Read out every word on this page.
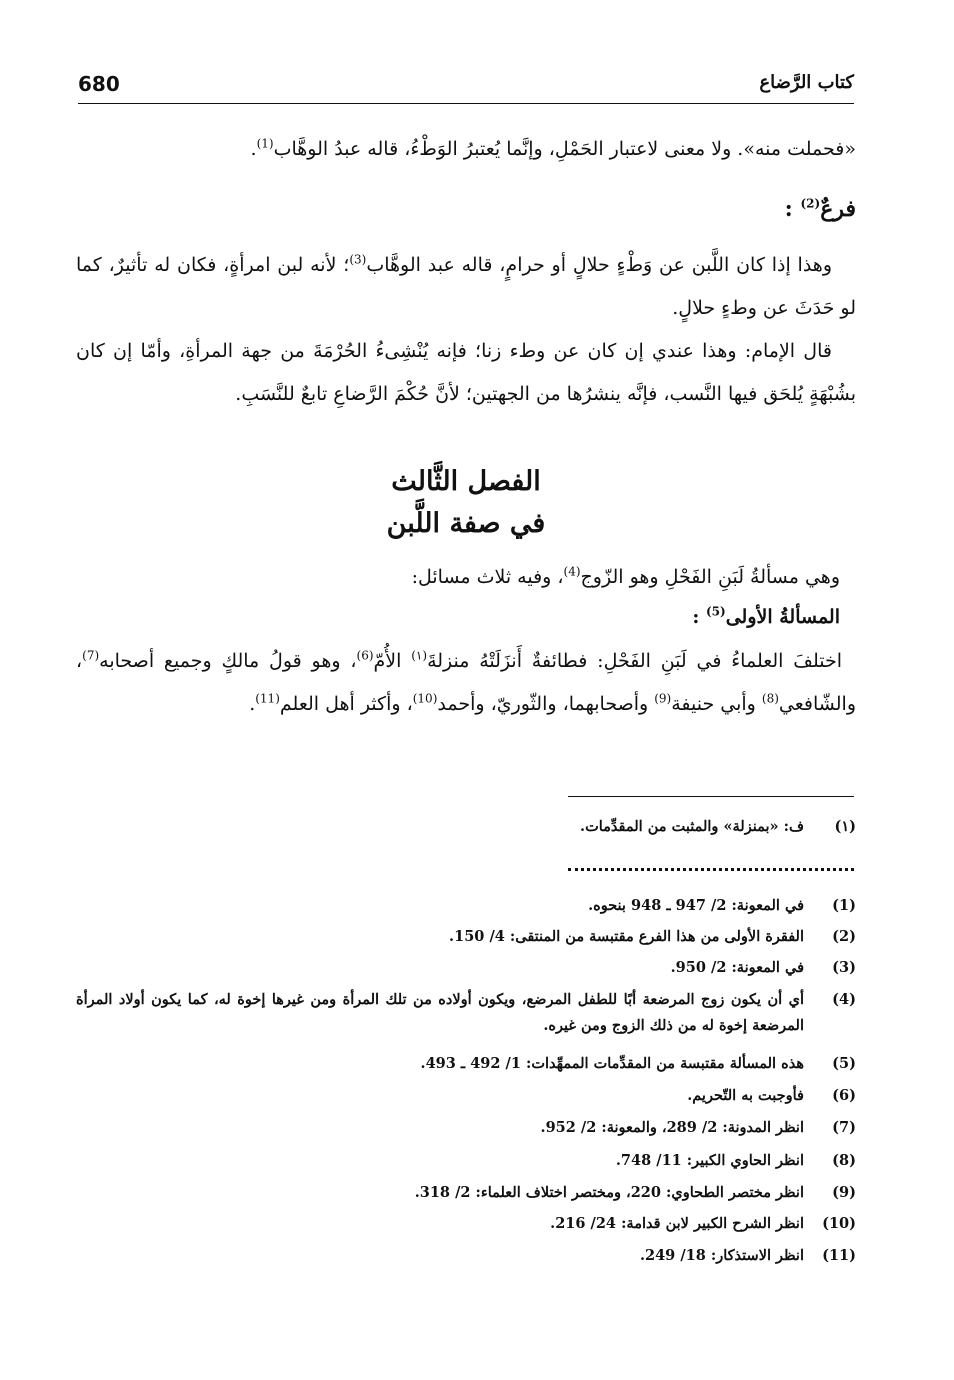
680	كتاب الرَّضاع
«فحملت منه». ولا معنى لاعتبار الحَمْلِ، وإنَّما يُعتبرُ الوَطْءُ، قاله عبدُ الوهَّاب$^{(1)}$.
فرعٌ$^{(2)}$ :
وهذا إذا كان اللَّبن عن وَطْءٍ حلالٍ أو حرامٍ، قاله عبد الوهَّاب$^{(3)}$؛ لأنه لبن امرأةٍ، فكان له تأثيرٌ، كما لو حَدَثَ عن وطءٍ حلالٍ.
قال الإمام: وهذا عندي إن كان عن وطء زنا؛ فإنه يُنْشِىءُ الحُرْمَةَ من جهة المرأةِ، وأمّا إن كان بشُبْهَةٍ يُلحَق فيها النَّسب، فإنَّه ينشرُها من الجهتين؛ لأنَّ حُكْمَ الرَّضاعِ تابعٌ للنَّسَبِ.
الفصل الثَّالث
في صفة اللَّبن
وهي مسألةُ لَبَنِ الفَحْلِ وهو الزّوج$^{(4)}$، وفيه ثلاث مسائل:
المسألةُ الأولى$^{(5)}$ :
اختلفَ العلماءُ في لَبَنِ الفَحْلِ: فطائفةٌ أَنزَلَتْهُ منزلةَ$^{(١)}$ الأُمّ$^{(6)}$، وهو قولُ مالكٍ وجميع أصحابه$^{(7)}$، والشّافعي$^{(8)}$ وأبي حنيفة$^{(9)}$ وأصحابهما، والثّوريّ، وأحمد$^{(10)}$، وأكثر أهل العلم$^{(11)}$.
(١)
ف: «بمنزلة» والمثبت من المقدِّمات.
(1)
في المعونة: 2/ 947 ـ 948 بنحوه.
(2)
الفقرة الأولى من هذا الفرع مقتبسة من المنتقى: 4/ 150.
(3)
في المعونة: 2/ 950.
(4)
أي أن يكون زوج المرضعة أبًا للطفل المرضع، ويكون أولاده من تلك المرأة ومن غيرها إخوة له، كما يكون أولاد المرأة المرضعة إخوة له من ذلك الزوج ومن غيره.
(5)
هذه المسألة مقتبسة من المقدِّمات الممهِّدات: 1/ 492 ـ 493.
(6)
فأوجبت به التّحريم.
(7)
انظر المدونة: 2/ 289، والمعونة: 2/ 952.
(8)
انظر الحاوي الكبير: 11/ 748.
(9)
انظر مختصر الطحاوي: 220، ومختصر اختلاف العلماء: 2/ 318.
(10)
انظر الشرح الكبير لابن قدامة: 24/ 216.
(11)
انظر الاستذكار: 18/ 249.
